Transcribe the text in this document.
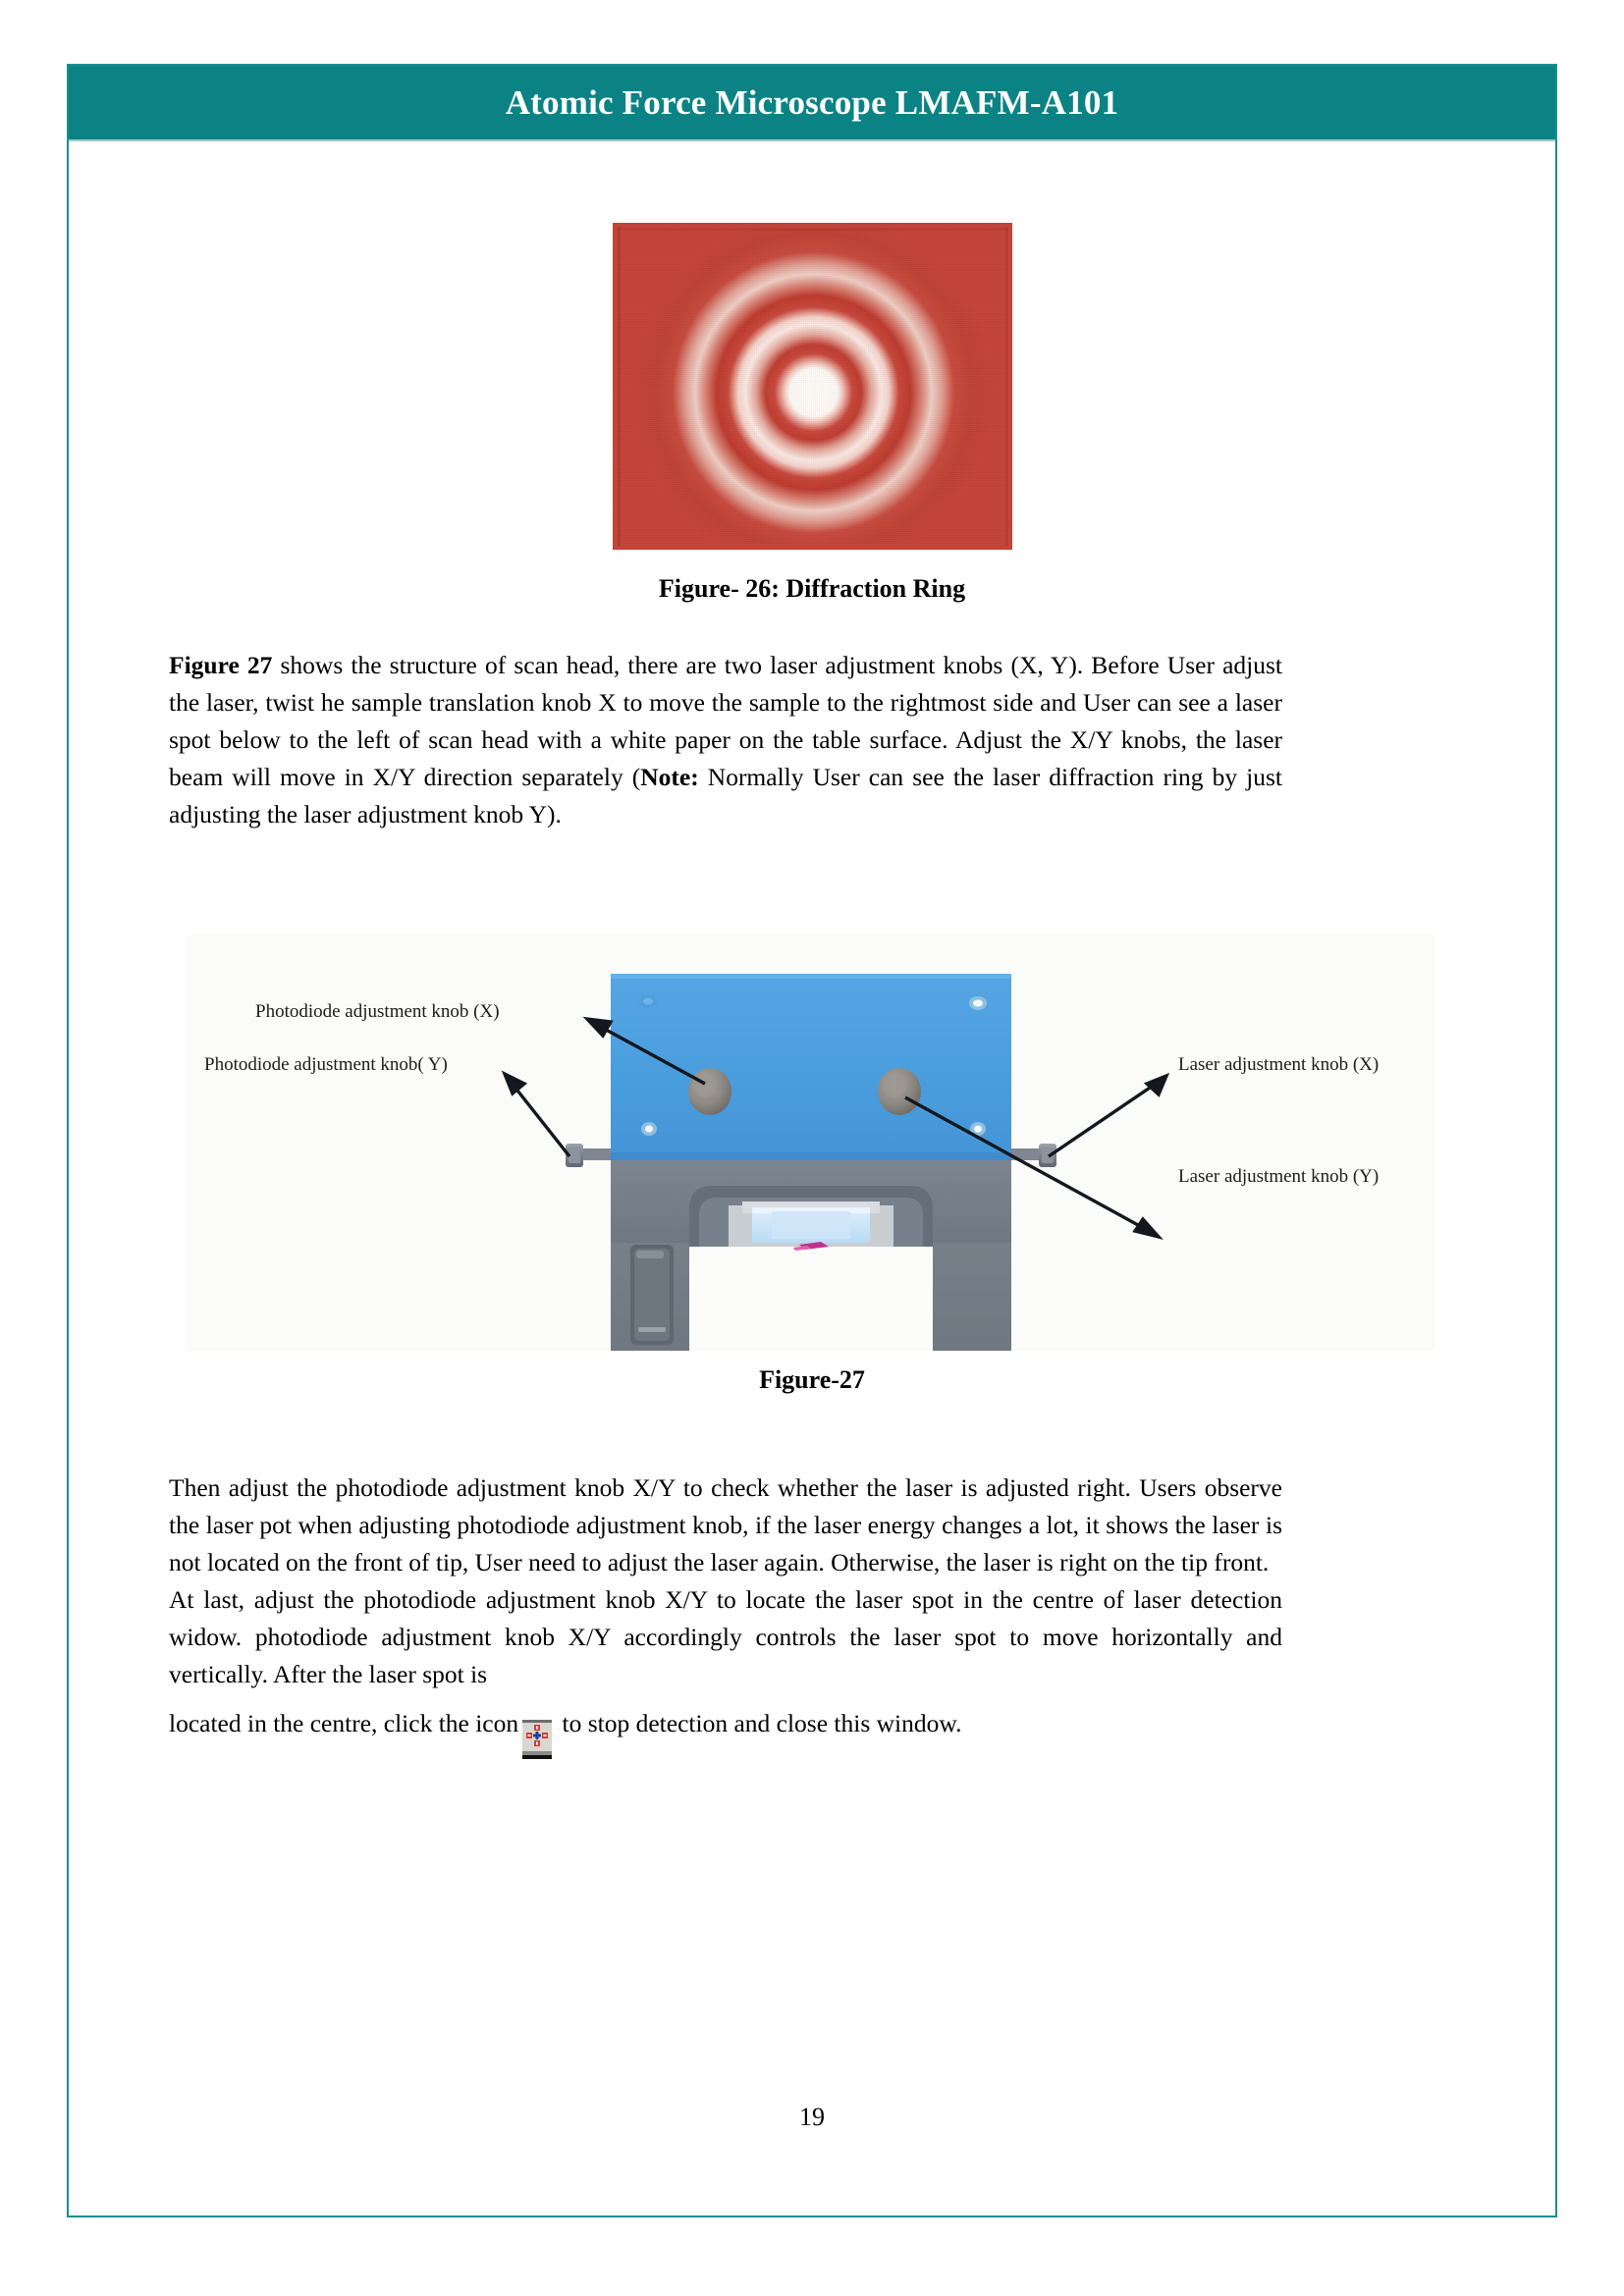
Atomic Force Microscope LMAFM-A101
Figure- 26: Diffraction Ring
Figure 27 shows the structure of scan head, there are two laser adjustment knobs (X, Y). Before User adjust the laser, twist he sample translation knob X to move the sample to the rightmost side and User can see a laser spot below to the left of scan head with a white paper on the table surface. Adjust the X/Y knobs, the laser beam will move in X/Y direction separately (Note: Normally User can see the laser diffraction ring by just adjusting the laser adjustment knob Y).
Photodiode adjustment knob (X)
Photodiode adjustment knob( Y)	Laser adjustment knob (X)
Laser adjustment knob (Y)
Figure-27
Then adjust the photodiode adjustment knob X/Y to check whether the laser is adjusted right. Users observe the laser pot when adjusting photodiode adjustment knob, if the laser energy changes a lot, it shows the laser is not located on the front of tip, User need to adjust the laser again. Otherwise, the laser is right on the tip front.
At last, adjust the photodiode adjustment knob X/Y to locate the laser spot in the centre of laser detection widow. photodiode adjustment knob X/Y accordingly controls the laser spot to move horizontally and vertically. After the laser spot is
located in the centre, click the icon
to stop detection and close this window.
19
